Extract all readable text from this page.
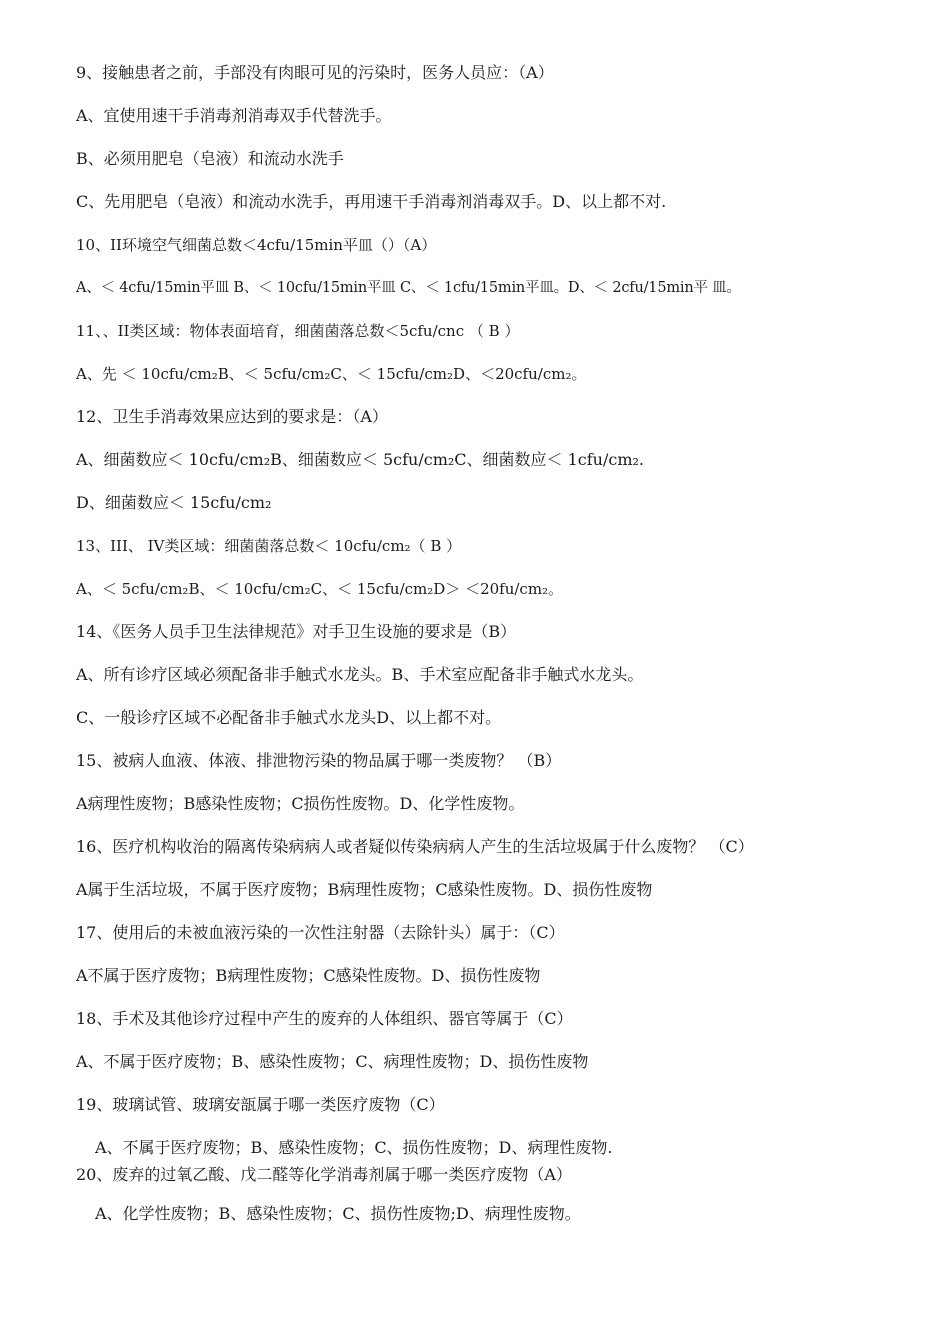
9、接触患者之前，手部没有肉眼可见的污染时，医务人员应：（A）
A、宜使用速干手消毒剂消毒双手代替洗手。
B、必须用肥皂（皂液）和流动水洗手
C、先用肥皂（皂液）和流动水洗手，再用速干手消毒剂消毒双手。D、以上都不对.
10、II环境空气细菌总数＜4cfu/15min平皿（）（A）
A、＜ 4cfu/15min平皿 B、＜ 10cfu/15min平皿 C、＜ 1cfu/15min平皿。D、＜ 2cfu/15min平 皿。
11、、II类区域：物体表面培育，细菌菌落总数＜5cfu/cnc （ B ）
A、先 ＜ 10cfu/cm₂B、＜ 5cfu/cm₂C、＜ 15cfu/cm₂D、＜20cfu/cm₂。
12、卫生手消毒效果应达到的要求是：（A）
A、细菌数应＜ 10cfu/cm₂B、细菌数应＜ 5cfu/cm₂C、细菌数应＜ 1cfu/cm₂.
D、细菌数应＜ 15cfu/cm₂
13、III、 IV类区域：细菌菌落总数＜ 10cfu/cm₂（ B ）
A、＜ 5cfu/cm₂B、＜ 10cfu/cm₂C、＜ 15cfu/cm₂D＞ ＜20fu/cm₂。
14、《医务人员手卫生法律规范》对手卫生设施的要求是（B）
A、所有诊疗区域必须配备非手触式水龙头。B、手术室应配备非手触式水龙头。
C、一般诊疗区域不必配备非手触式水龙头D、以上都不对。
15、被病人血液、体液、排泄物污染的物品属于哪一类废物？ （B）
A病理性废物；B感染性废物；C损伤性废物。D、化学性废物。
16、医疗机构收治的隔离传染病病人或者疑似传染病病人产生的生活垃圾属于什么废物？ （C）
A属于生活垃圾，不属于医疗废物；B病理性废物；C感染性废物。D、损伤性废物
17、使用后的未被血液污染的一次性注射器（去除针头）属于：（C）
A不属于医疗废物；B病理性废物；C感染性废物。D、损伤性废物
18、手术及其他诊疗过程中产生的废弃的人体组织、器官等属于（C）
A、不属于医疗废物；B、感染性废物；C、病理性废物；D、损伤性废物
19、玻璃试管、玻璃安瓿属于哪一类医疗废物（C）
A、不属于医疗废物；B、感染性废物；C、损伤性废物；D、病理性废物.
20、废弃的过氧乙酸、戊二醛等化学消毒剂属于哪一类医疗废物（A）
A、化学性废物；B、感染性废物；C、损伤性废物;D、病理性废物。
